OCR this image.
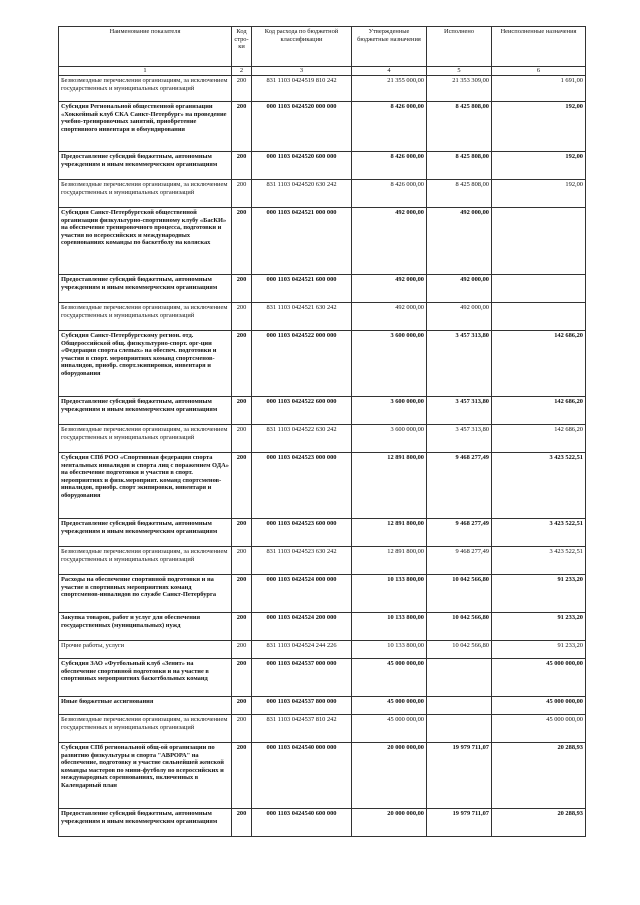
Наименование показателя	Код стро- ки	Код расхода по бюджетной классификации	Утвержденные бюджетные назначения	Исполнено	Неисполненные назначения
1	2	3	4	5	6
Безвозмездные перечисления организациям, за исключением государственных и муниципальных организаций	200	831 1103 0424519 810 242	21 355 000,00	21 353 309,00	1 691,00
Субсидия Региональной общественной организации «Хоккейный клуб СКА Санкт-Петербург» на проведение учебно-тренировочных занятий, приобретение спортивного инвентаря и обмундирования	200	000 1103 0424520 000 000	8 426 000,00	8 425 808,00	192,00
Предоставление субсидий бюджетным, автономным учреждениям и иным некоммерческим организациям	200	000 1103 0424520 600 000	8 426 000,00	8 425 808,00	192,00
Безвозмездные перечисления организациям, за исключением государственных и муниципальных организаций	200	831 1103 0424520 630 242	8 426 000,00	8 425 808,00	192,00
Субсидия Санкт-Петербургской общественной организации физкультурно-спортивному клубу «БасКИ» на обеспечение тренировочного процесса, подготовки и участия во всероссийских и международных соревнованиях команды по баскетболу на колясках	200	000 1103 0424521 000 000	492 000,00	492 000,00	
Предоставление субсидий бюджетным, автономным учреждениям и иным некоммерческим организациям	200	000 1103 0424521 600 000	492 000,00	492 000,00	
Безвозмездные перечисления организациям, за исключением государственных и муниципальных организаций	200	831 1103 0424521 630 242	492 000,00	492 000,00	
Субсидия Санкт-Петербургскому регион. отд. Общероссийской общ. физкультурно-спорт. орг-ции «Федерация спорта слепых» на обеспеч. подготовки и участия в спорт. мероприятиях команд спортсменов-инвалидов, приобр. спорт.экипировки, инвентаря и оборудования	200	000 1103 0424522 000 000	3 600 000,00	3 457 313,80	142 686,20
Предоставление субсидий бюджетным, автономным учреждениям и иным некоммерческим организациям	200	000 1103 0424522 600 000	3 600 000,00	3 457 313,80	142 686,20
Безвозмездные перечисления организациям, за исключением государственных и муниципальных организаций	200	831 1103 0424522 630 242	3 600 000,00	3 457 313,80	142 686,20
Субсидия СПб РОО «Спортивная федерация спорта ментальных инвалидов и спорта лиц с поражением ОДА» на обеспечение подготовки и участия в спорт. мероприятиях и физк.мероприят. команд спортсменов-инвалидов, приобр. спорт экипировки, инвентаря и оборудования	200	000 1103 0424523 000 000	12 891 800,00	9 468 277,49	3 423 522,51
Предоставление субсидий бюджетным, автономным учреждениям и иным некоммерческим организациям	200	000 1103 0424523 600 000	12 891 800,00	9 468 277,49	3 423 522,51
Безвозмездные перечисления организациям, за исключением государственных и муниципальных организаций	200	831 1103 0424523 630 242	12 891 800,00	9 468 277,49	3 423 522,51
Расходы на обеспечение спортивной подготовки и на участие в спортивных мероприятиях команд спортсменов-инвалидов по службе Санкт-Петербурга	200	000 1103 0424524 000 000	10 133 800,00	10 042 566,80	91 233,20
Закупка товаров, работ и услуг для обеспечения государственных (муниципальных) нужд	200	000 1103 0424524 200 000	10 133 800,00	10 042 566,80	91 233,20
Прочие работы, услуги	200	831 1103 0424524 244 226	10 133 800,00	10 042 566,80	91 233,20
Субсидия ЗАО «Футбольный клуб «Зенит» на обеспечение спортивной подготовки и на участие в спортивных мероприятиях баскетбольных команд	200	000 1103 0424537 000 000	45 000 000,00		45 000 000,00
Иные бюджетные ассигнования	200	000 1103 0424537 800 000	45 000 000,00		45 000 000,00
Безвозмездные перечисления организациям, за исключением государственных и муниципальных организаций	200	831 1103 0424537 810 242	45 000 000,00		45 000 000,00
Субсидия СПб региональной общ-ой организации по развитию физкультуры и спорта "АВРОРА" на обеспечение, подготовку и участие сильнейшей женской команды мастеров по мини-футболу во всероссийских и международных соревнованиях, включенных в Календарный план	200	000 1103 0424540 000 000	20 000 000,00	19 979 711,07	20 288,93
Предоставление субсидий бюджетным, автономным учреждениям и иным некоммерческим организациям	200	000 1103 0424540 600 000	20 000 000,00	19 979 711,07	20 288,93
